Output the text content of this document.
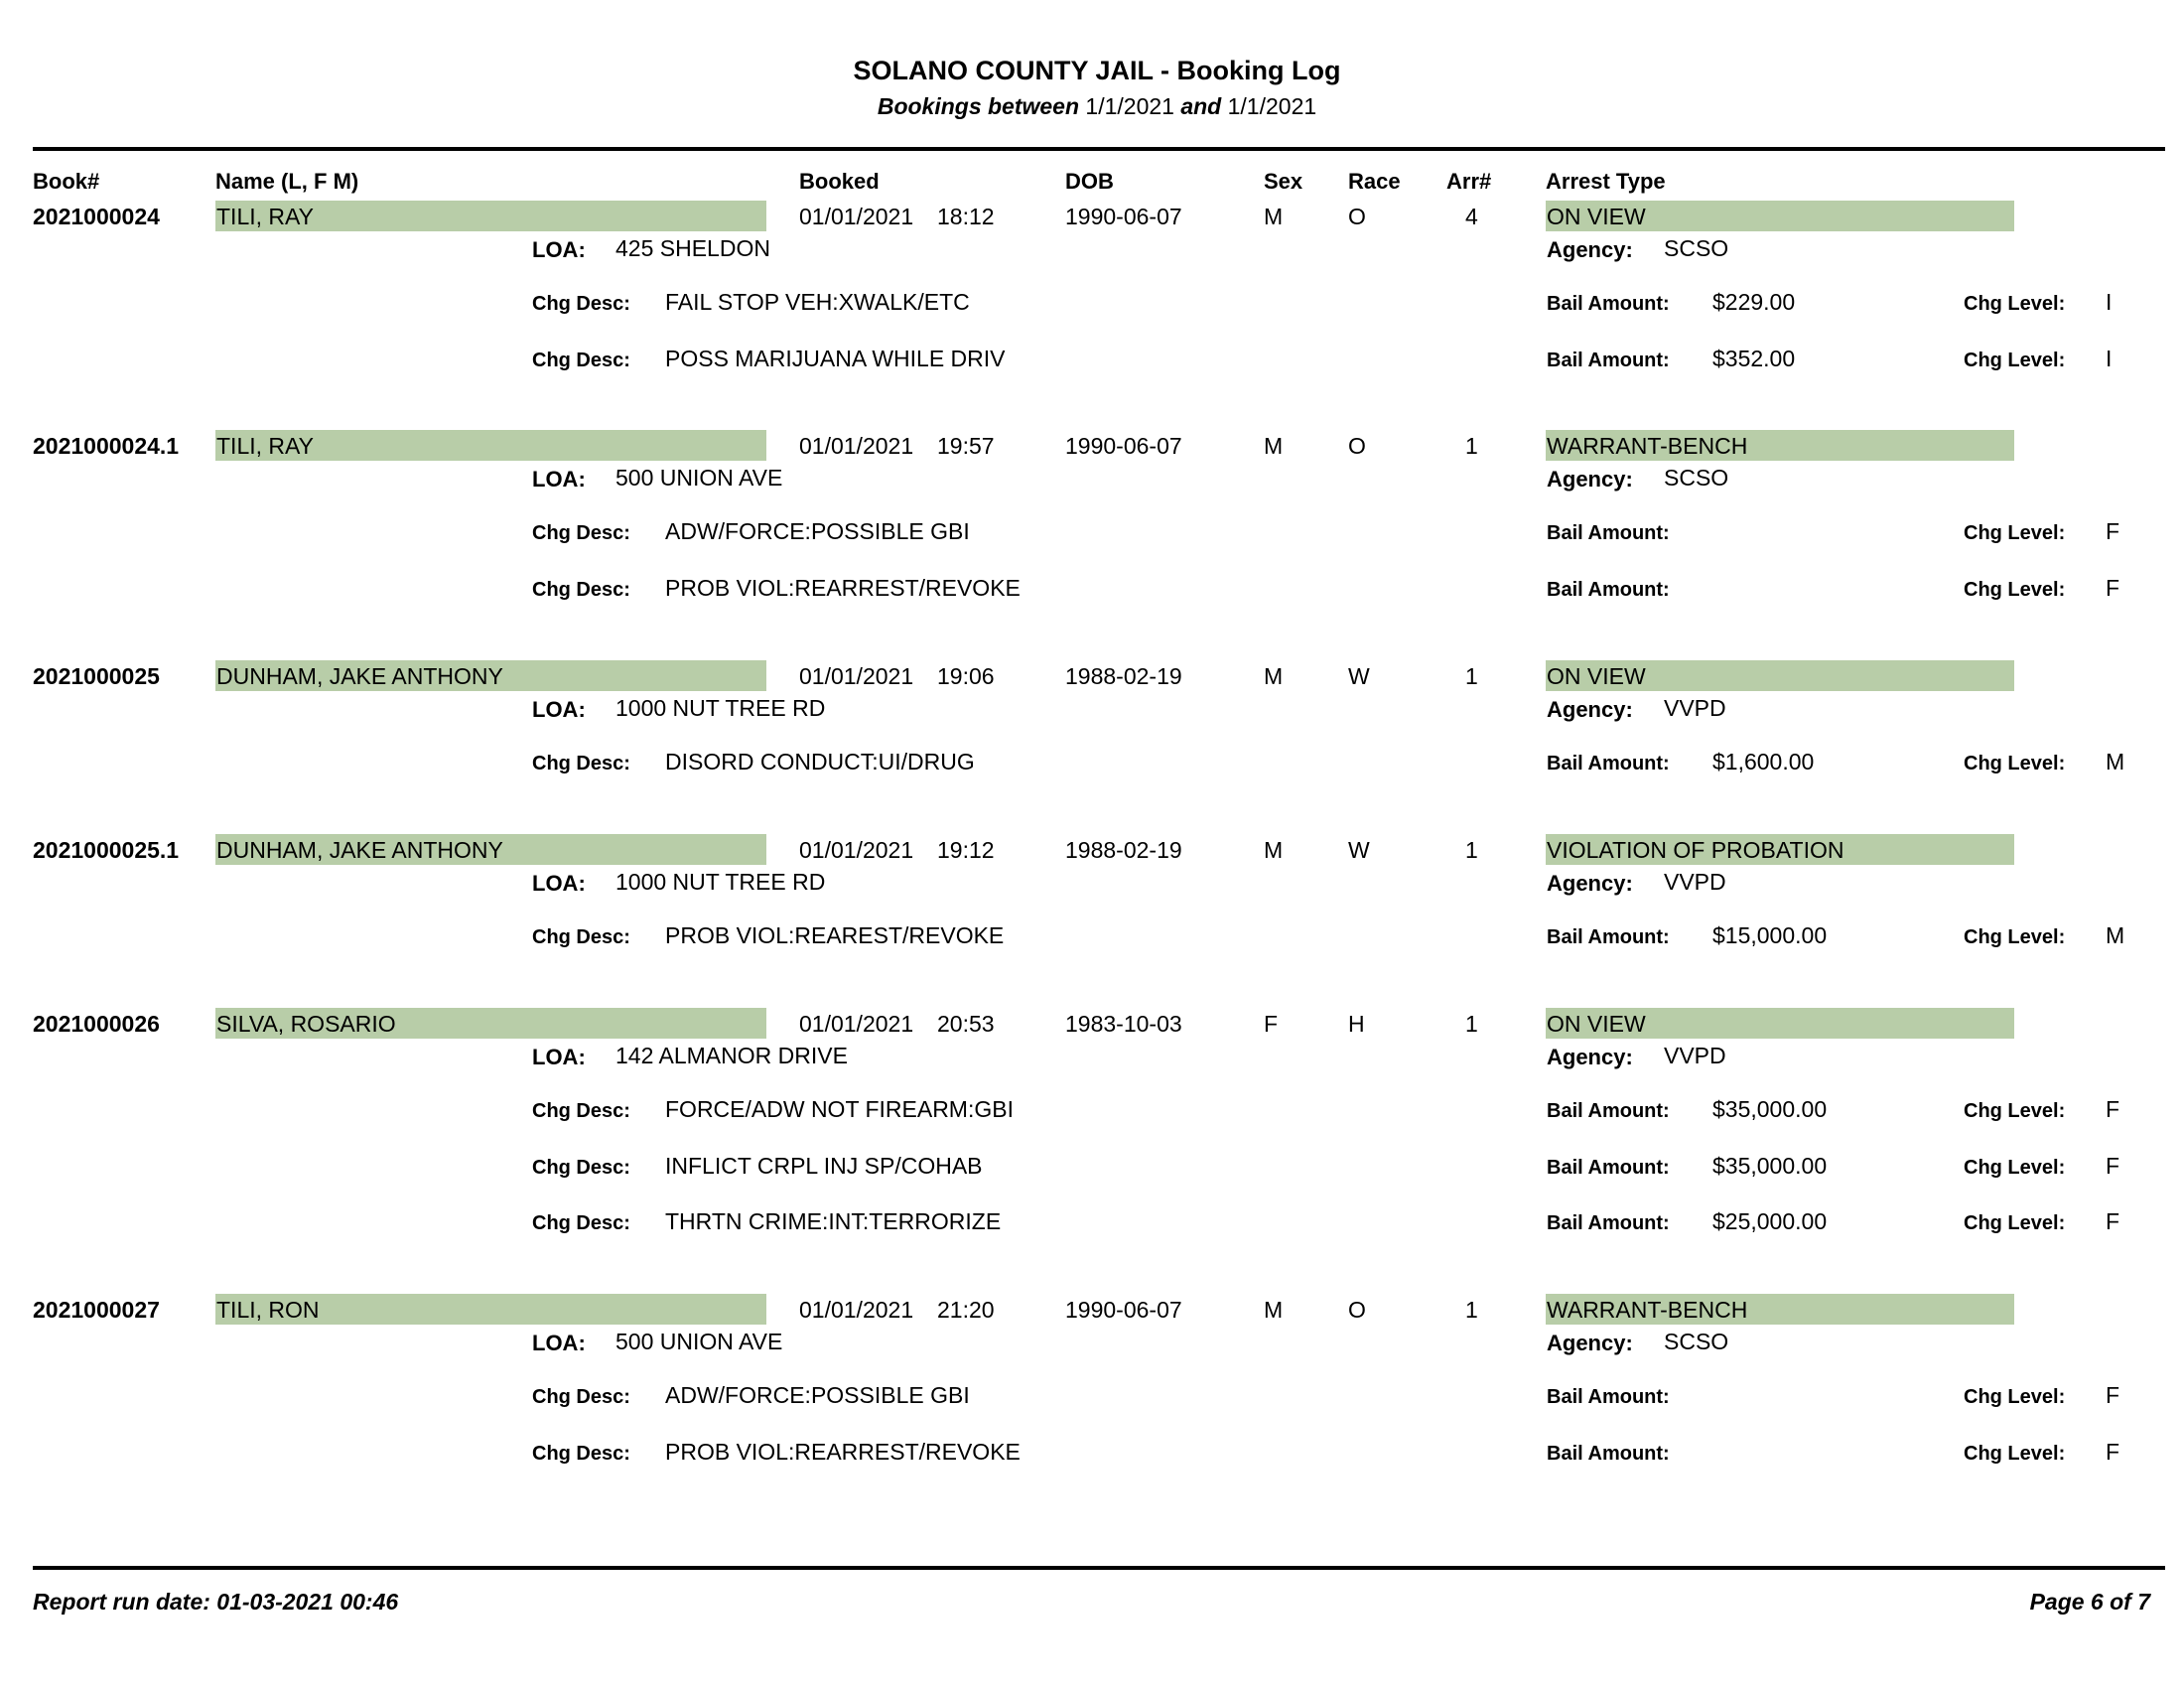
SOLANO COUNTY JAIL - Booking Log
Bookings between 1/1/2021 and 1/1/2021
Book#	Name (L, F M)	Booked	DOB	Sex Race Arr# Arrest Type
2021000024 TILI, RAY	01/01/2021 18:12	1990-06-07	M	O	4	ON VIEW
LOA: 425 SHELDON	Agency: SCSO
Chg Desc: FAIL STOP VEH:XWALK/ETC	Bail Amount: $229.00	Chg Level: I
Chg Desc: POSS MARIJUANA WHILE DRIV	Bail Amount: $352.00	Chg Level: I
2021000024.1 TILI, RAY	01/01/2021 19:57	1990-06-07	M	O	1	WARRANT-BENCH
LOA: 500 UNION AVE	Agency: SCSO
Chg Desc: ADW/FORCE:POSSIBLE GBI	Bail Amount:	Chg Level: F
Chg Desc: PROB VIOL:REARREST/REVOKE	Bail Amount:	Chg Level: F
2021000025 DUNHAM, JAKE ANTHONY	01/01/2021 19:06	1988-02-19	M	W	1	ON VIEW
LOA: 1000 NUT TREE RD	Agency: VVPD
Chg Desc: DISORD CONDUCT:UI/DRUG	Bail Amount: $1,600.00	Chg Level: M
2021000025.1 DUNHAM, JAKE ANTHONY	01/01/2021 19:12	1988-02-19	M	W	1	VIOLATION OF PROBATION
LOA: 1000 NUT TREE RD	Agency: VVPD
Chg Desc: PROB VIOL:REAREST/REVOKE	Bail Amount: $15,000.00	Chg Level: M
2021000026 SILVA, ROSARIO	01/01/2021 20:53	1983-10-03	F	H	1	ON VIEW
LOA: 142 ALMANOR DRIVE	Agency: VVPD
Chg Desc: FORCE/ADW NOT FIREARM:GBI	Bail Amount: $35,000.00	Chg Level: F
Chg Desc: INFLICT CRPL INJ SP/COHAB	Bail Amount: $35,000.00	Chg Level: F
Chg Desc: THRTN CRIME:INT:TERRORIZE	Bail Amount: $25,000.00	Chg Level: F
2021000027 TILI, RON	01/01/2021 21:20	1990-06-07	M	O	1	WARRANT-BENCH
LOA: 500 UNION AVE	Agency: SCSO
Chg Desc: ADW/FORCE:POSSIBLE GBI	Bail Amount:	Chg Level: F
Chg Desc: PROB VIOL:REARREST/REVOKE	Bail Amount:	Chg Level: F
Report run date: 01-03-2021 00:46	Page 6 of 7
